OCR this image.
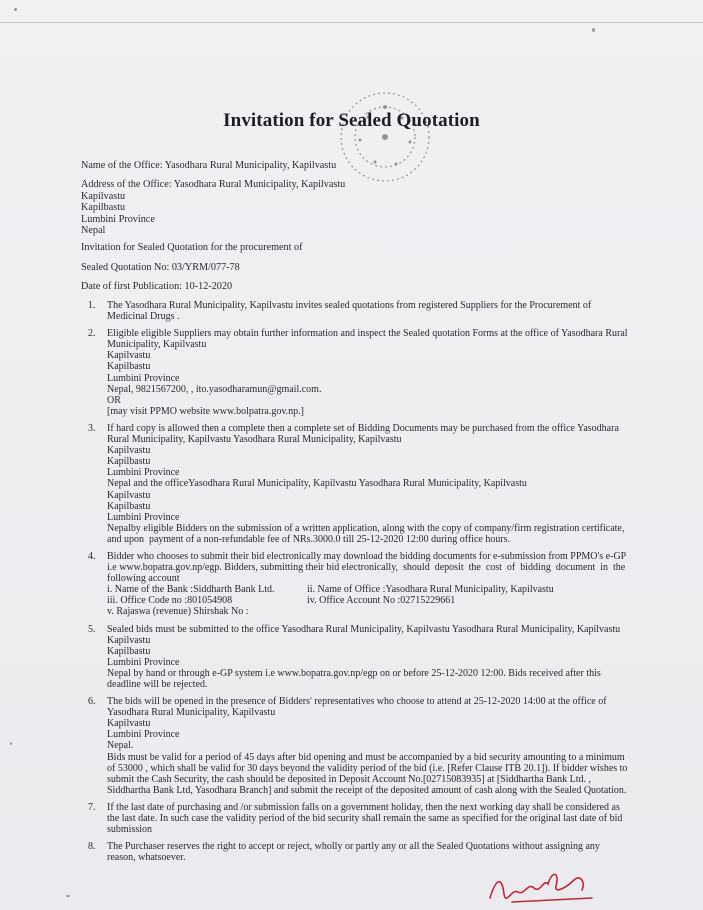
Invitation for Sealed Quotation

Name of the Office: Yasodhara Rural Municipality, Kapilvastu

Address of the Office: Yasodhara Rural Municipality, Kapilvastu

Kapilvastu

Kapilbastu

Lumbini Province

Nepal

Invitation for Sealed Quotation for the procurement of

Sealed Quotation No: 03/YRM/077-78

Date of first Publication: 10-12-2020

1. The Yasodhara Rural Municipality, Kapilvastu invites sealed quotations from registered Suppliers for the Procurement of
Medicinal Drugs .
2. Eligible eligible Suppliers may obtain further information and inspect the Sealed quotation Forms at the office of Yasodhara Rural
Municipality, Kapilvastu
Kapilvastu
Kapilbastu
Lumbini Province
Nepal, 9821567200, , ito.yasodharamun@gmail.com.
OR
[may visit PPMO website www.bolpatra.gov.np.]
3. If hard copy is allowed then a complete then a complete set of Bidding Documents may be purchased from the office Yasodhara
Rural Municipality, Kapilvastu Yasodhara Rural Municipality, Kapilvastu
Kapilvastu
Kapilbastu
Lumbini Province
Nepal and the officeYasodhara Rural Municipality, Kapilvastu Yasodhara Rural Municipality, Kapilvastu
Kapilvastu
Kapilbastu
Lumbini Province
Nepalby eligible Bidders on the submission of a written application, along with the copy of company/firm registration certificate,
and upon  payment of a non-refundable fee of NRs.3000.0 till 25-12-2020 12:00 during office hours.
4. Bidder who chooses to submit their bid electronically may download the bidding documents for e-submission from PPMO's e-GP
i.e www.bopatra.gov.np/egp. Bidders, submitting their bid electronically,  should  deposit  the  cost  of  bidding  document  in  the
following account
i. Name of the Bank :Siddharth Bank Ltd.	ii. Name of Office :Yasodhara Rural Municipality, Kapilvastu
iii. Office Code no :801054908	iv. Office Account No :02715229661
v. Rajaswa (revenue) Shirshak No :
5. Sealed bids must be submitted to the office Yasodhara Rural Municipality, Kapilvastu Yasodhara Rural Municipality, Kapilvastu
Kapilvastu
Kapilbastu
Lumbini Province
Nepal by hand or through e-GP system i.e www.bopatra.gov.np/egp on or before 25-12-2020 12:00. Bids received after this
deadline will be rejected.
6. The bids will be opened in the presence of Bidders' representatives who choose to attend at 25-12-2020 14:00 at the office of
Yasodhara Rural Municipality, Kapilvastu
Kapilvastu
Lumbini Province
Nepal.
Bids must be valid for a period of 45 days after bid opening and must be accompanied by a bid security amounting to a minimum
of 53000 , which shall be valid for 30 days beyond the validity period of the bid (i.e. [Refer Clause ITB 20.1]). If bidder wishes to
submit the Cash Security, the cash should be deposited in Deposit Account No.[02715083935] at [Siddhartha Bank Ltd. ,
Siddhartha Bank Ltd, Yasodhara Branch] and submit the receipt of the deposited amount of cash along with the Sealed Quotation.
7. If the last date of purchasing and /or submission falls on a government holiday, then the next working day shall be considered as
the last date. In such case the validity period of the bid security shall remain the same as specified for the original last date of bid
submission
8. The Purchaser reserves the right to accept or reject, wholly or partly any or all the Sealed Quotations without assigning any
reason, whatsoever.
